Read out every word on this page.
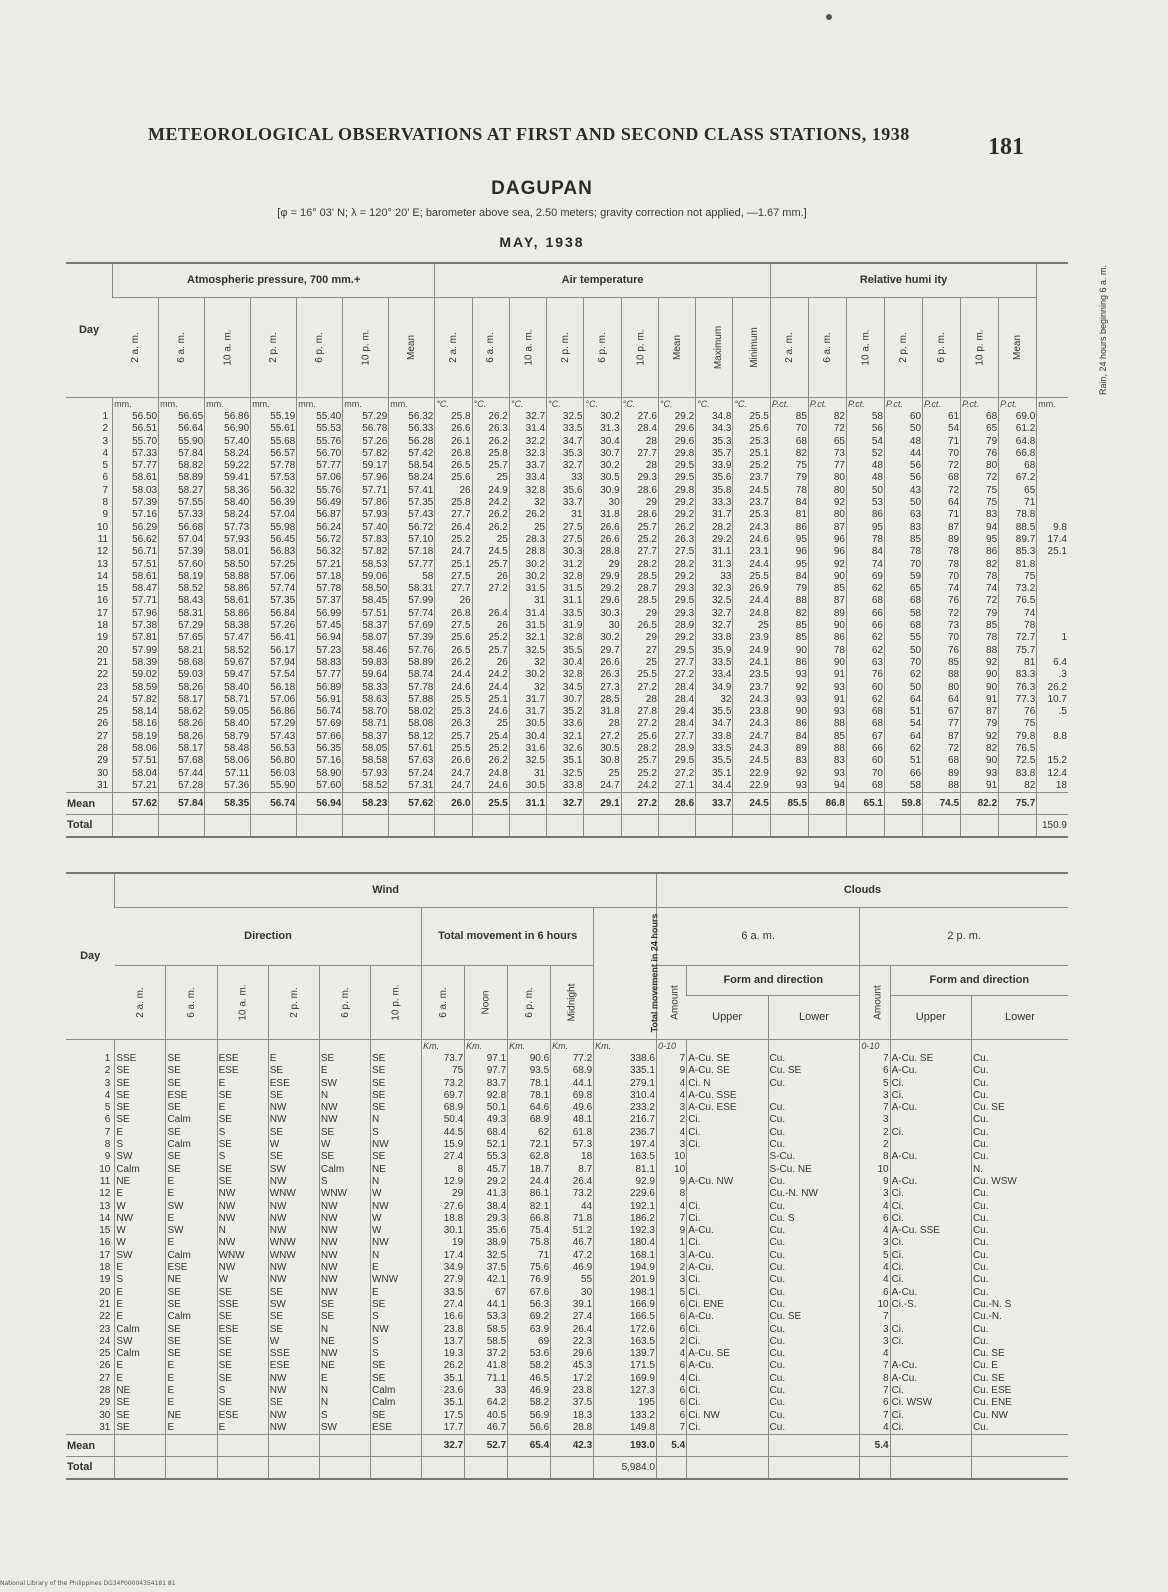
METEOROLOGICAL OBSERVATIONS AT FIRST AND SECOND CLASS STATIONS, 1938	181
DAGUPAN
[φ = 16° 03' N; λ = 120° 20' E; barometer above sea, 2.50 meters; gravity correction not applied, —1.67 mm.]
MAY, 1938
Day	Atmospheric pressure, 700 mm.+							Air temperature									Relative humi ity							Rain, 24 hours beginning 6 a. m.
	2 a. m.	6 a. m.	10 a. m.	2 p. m.	6 p. m.	10 p. m.	Mean	2 a. m.	6 a. m.	10 a. m.	2 p. m.	6 p. m.	10 p. m.	Mean	Maximum	Minimum	2 a. m.	6 a. m.	10 a. m.	2 p. m.	6 p. m.	10 p. m.	Mean	
	mm.	mm.	mm.	mm.	mm.	mm.	mm.	°C.	°C.	°C.	°C.	°C.	°C.	°C.	°C.	°C.	P.ct.	P.ct.	P.ct.	P.ct.	P.ct.	P.ct.	P.ct.	mm.
1	56.50	56.65	56.86	55.19	55.40	57.29	56.32	25.8	26.2	32.7	32.5	30.2	27.6	29.2	34.8	25.5	85	82	58	60	61	68	69.0	
2	56.51	56.64	56.90	55.61	55.53	56.78	56.33	26.6	26.3	31.4	33.5	31.3	28.4	29.6	34.3	25.6	70	72	56	50	54	65	61.2	
3	55.70	55.90	57.40	55.68	55.76	57.26	56.28	26.1	26.2	32.2	34.7	30.4	28	29.6	35.3	25.3	68	65	54	48	71	79	64.8	
4	57.33	57.84	58.24	56.57	56.70	57.82	57.42	26.8	25.8	32.3	35.3	30.7	27.7	29.8	35.7	25.1	82	73	52	44	70	76	66.8	
5	57.77	58.82	59.22	57.78	57.77	59.17	58.54	26.5	25.7	33.7	32.7	30.2	28	29.5	33.9	25.2	75	77	48	56	72	80	68	
6	58.61	58.89	59.41	57.53	57.06	57.96	58.24	25.6	25	33.4	33	30.5	29.3	29.5	35.6	23.7	79	80	48	56	68	72	67.2	
7	58.03	58.27	58.36	56.32	55.76	57.71	57.41	26	24.9	32.8	35.6	30.9	28.6	29.8	35.8	24.5	78	80	50	43	72	75	65	
8	57.39	57.55	58.40	56.39	56.49	57.86	57.35	25.8	24.2	32	33.7	30	29	29.2	33.3	23.7	84	92	53	50	64	75	71	
9	57.16	57.33	58.24	57.04	56.87	57.93	57.43	27.7	26.2	26.2	31	31.8	28.6	29.2	31.7	25.3	81	80	86	63	71	83	78.8	
10	56.29	56.68	57.73	55.98	56.24	57.40	56.72	26.4	26.2	25	27.5	26.6	25.7	26.2	28.2	24.3	86	87	95	83	87	94	88.5	9.8
11	56.62	57.04	57.93	56.45	56.72	57.83	57.10	25.2	25	28.3	27.5	26.6	25.2	26.3	29.2	24.6	95	96	78	85	89	95	89.7	17.4
12	56.71	57.39	58.01	56.83	56.32	57.82	57.18	24.7	24.5	28.8	30.3	28.8	27.7	27.5	31.1	23.1	96	96	84	78	78	86	85.3	25.1
13	57.51	57.60	58.50	57.25	57.21	58.53	57.77	25.1	25.7	30.2	31.2	29	28.2	28.2	31.3	24.4	95	92	74	70	78	82	81.8	
14	58.61	58.19	58.88	57.06	57.18	59.06	58	27.5	26	30.2	32.8	29.9	28.5	29.2	33	25.5	84	90	69	59	70	78	75	
15	58.47	58.52	58.86	57.74	57.78	58.50	58.31	27.7	27.2	31.5	31.5	29.2	28.7	29.3	32.3	26.9	79	85	62	65	74	74	73.2	
16	57.71	58.43	58.61	57.35	57.37	58.45	57.99	26		31	31.1	29.6	28.5	29.5	32.5	24.4	88	87	68	68	76	72	76.5	
17	57.96	58.31	58.86	56.84	56.99	57.51	57.74	26.8	26.4	31.4	33.5	30.3	29	29.3	32.7	24.8	82	89	66	58	72	79	74	
18	57.38	57.29	58.38	57.26	57.45	58.37	57.69	27.5	26	31.5	31.9	30	26.5	28.9	32.7	25	85	90	66	68	73	85	78	
19	57.81	57.65	57.47	56.41	56.94	58.07	57.39	25.6	25.2	32.1	32.8	30.2	29	29.2	33.8	23.9	85	86	62	55	70	78	72.7	1
20	57.99	58.21	58.52	56.17	57.23	58.46	57.76	26.5	25.7	32.5	35.5	29.7	27	29.5	35.9	24.9	90	78	62	50	76	88	75.7	
21	58.39	58.68	59.67	57.94	58.83	59.83	58.89	26.2	26	32	30.4	26.6	25	27.7	33.5	24.1	86	90	63	70	85	92	81	6.4
22	59.02	59.03	59.47	57.54	57.77	59.64	58.74	24.4	24.2	30.2	32.8	26.3	25.5	27.2	33.4	23.5	93	91	76	62	88	90	83.3	.3
23	58.59	58.26	58.40	56.18	56.89	58.33	57.78	24.6	24.4	32	34.5	27.3	27.2	28.4	34.9	23.7	92	93	60	50	80	90	76.3	26.2
24	57.82	58.17	58.71	57.06	56.91	58.63	57.88	25.5	25.1	31.7	30.7	28.5	28	28.4	32	24.3	93	91	62	64	64	91	77.3	10.7
25	58.14	58.62	59.05	56.86	56.74	58.70	58.02	25.3	24.6	31.7	35.2	31.8	27.8	29.4	35.5	23.8	90	93	68	51	67	87	76	.5
26	58.16	58.26	58.40	57.29	57.69	58.71	58.08	26.3	25	30.5	33.6	28	27.2	28.4	34.7	24.3	86	88	68	54	77	79	75	
27	58.19	58.26	58.79	57.43	57.66	58.37	58.12	25.7	25.4	30.4	32.1	27.2	25.6	27.7	33.8	24.7	84	85	67	64	87	92	79.8	8.8
28	58.06	58.17	58.48	56.53	56.35	58.05	57.61	25.5	25.2	31.6	32.6	30.5	28.2	28.9	33.5	24.3	89	88	66	62	72	82	76.5	
29	57.51	57.68	58.06	56.80	57.16	58.58	57.63	26.6	26.2	32.5	35.1	30.8	25.7	29.5	35.5	24.5	83	83	60	51	68	90	72.5	15.2
30	58.04	57.44	57.11	56.03	58.90	57.93	57.24	24.7	24.8	31	32.5	25	25.2	27.2	35.1	22.9	92	93	70	66	89	93	83.8	12.4
31	57.21	57.28	57.36	55.90	57.60	58.52	57.31	24.7	24.6	30.5	33.8	24.7	24.2	27.1	34.4	22.9	93	94	68	58	88	91	82	18
Mean	57.62	57.84	58.35	56.74	56.94	58.23	57.62	26.0	25.5	31.1	32.7	29.1	27.2	28.6	33.7	24.5	85.5	86.8	65.1	59.8	74.5	82.2	75.7	
Total																								150.9
Day	Wind											Clouds					
	Direction						Total movement in 6 hours				Total movement in 24 hours	6 a. m.			2 p. m.		
	2 a. m.	6 a. m.	10 a. m.	2 p. m.	6 p. m.	10 p. m.	6 a. m.	Noon	6 p. m.	Midnight		Amount	Form and direction		Amount	Form and direction	
													Upper	Lower		Upper	Lower
							Km.	Km.	Km.	Km.	Km.	0-10			0-10		
1	SSE	SE	ESE	E	SE	SE	73.7	97.1	90.6	77.2	338.6	7	A-Cu. SE	Cu.	7	A-Cu. SE	Cu.
2	SE	SE	ESE	SE	E	SE	75	97.7	93.5	68.9	335.1	9	A-Cu. SE	Cu. SE	6	A-Cu.	Cu.
3	SE	SE	E	ESE	SW	SE	73.2	83.7	78.1	44.1	279.1	4	Ci. N	Cu.	5	Ci.	Cu.
4	SE	ESE	SE	SE	N	SE	69.7	92.8	78.1	69.8	310.4	4	A-Cu. SSE		3	Ci.	Cu.
5	SE	SE	E	NW	NW	SE	68.9	50.1	64.6	49.6	233.2	3	A-Cu. ESE	Cu.	7	A-Cu.	Cu. SE
6	SE	Calm	SE	NW	NW	N	50.4	49.3	68.9	48.1	216.7	2	Ci.	Cu.	3		Cu.
7	E	SE	S	SE	SE	S	44.5	68.4	62	61.8	236.7	4	Ci.	Cu.	2	Ci.	Cu.
8	S	Calm	SE	W	W	NW	15.9	52.1	72.1	57.3	197.4	3	Ci.	Cu.	2		Cu.
9	SW	SE	S	SE	SE	SE	27.4	55.3	62.8	18	163.5	10		S-Cu.	8	A-Cu.	Cu.
10	Calm	SE	SE	SW	Calm	NE	8	45.7	18.7	8.7	81.1	10		S-Cu. NE	10		N.
11	NE	E	SE	NW	S	N	12.9	29.2	24.4	26.4	92.9	9	A-Cu. NW	Cu.	9	A-Cu.	Cu. WSW
12	E	E	NW	WNW	WNW	W	29	41.3	86.1	73.2	229.6	8		Cu.-N. NW	3	Ci.	Cu.
13	W	SW	NW	NW	NW	NW	27.6	38.4	82.1	44	192.1	4	Ci.	Cu.	4	Ci.	Cu.
14	NW	E	NW	NW	NW	W	18.8	29.3	66.8	71.8	186.2	7	Ci.	Cu. S	6	Ci.	Cu.
15	W	SW	N	NW	NW	W	30.1	35.6	75.4	51.2	192.3	9	A-Cu.	Cu.	4	A-Cu. SSE	Cu.
16	W	E	NW	WNW	NW	NW	19	38.9	75.8	46.7	180.4	1	Ci.	Cu.	3	Ci.	Cu.
17	SW	Calm	WNW	WNW	NW	N	17.4	32.5	71	47.2	168.1	3	A-Cu.	Cu.	5	Ci.	Cu.
18	E	ESE	NW	NW	NW	E	34.9	37.5	75.6	46.9	194.9	2	A-Cu.	Cu.	4	Ci.	Cu.
19	S	NE	W	NW	NW	WNW	27.9	42.1	76.9	55	201.9	3	Ci.	Cu.	4	Ci.	Cu.
20	E	SE	SE	SE	NW	E	33.5	67	67.6	30	198.1	5	Ci.	Cu.	6	A-Cu.	Cu.
21	E	SE	SSE	SW	SE	SE	27.4	44.1	56.3	39.1	166.9	6	Ci. ENE	Cu.	10	Ci.-S.	Cu.-N. S
22	E	Calm	SE	SE	SE	S	16.6	53.3	69.2	27.4	166.5	6	A-Cu.	Cu. SE	7		Cu.-N.
23	Calm	SE	ESE	SE	N	NW	23.8	58.5	63.9	26.4	172.6	6	Ci.	Cu.	3	Ci.	Cu.
24	SW	SE	SE	W	NE	S	13.7	58.5	69	22.3	163.5	2	Ci.	Cu.	3	Ci.	Cu.
25	Calm	SE	SE	SSE	NW	S	19.3	37.2	53.6	29.6	139.7	4	A-Cu. SE	Cu.	4		Cu. SE
26	E	E	SE	ESE	NE	SE	26.2	41.8	58.2	45.3	171.5	6	A-Cu.	Cu.	7	A-Cu.	Cu. E
27	E	E	SE	NW	E	SE	35.1	71.1	46.5	17.2	169.9	4	Ci.	Cu.	8	A-Cu.	Cu. SE
28	NE	E	S	NW	N	Calm	23.6	33	46.9	23.8	127.3	6	Ci.	Cu.	7	Ci.	Cu. ESE
29	SE	E	SE	SE	N	Calm	35.1	64.2	58.2	37.5	195	6	Ci.	Cu.	6	Ci. WSW	Cu. ENE
30	SE	NE	ESE	NW	S	SE	17.5	40.5	56.9	18.3	133.2	6	Ci. NW	Cu.	7	Ci.	Cu. NW
31	SE	E	E	NW	SW	ESE	17.7	46.7	56.6	28.8	149.8	7	Ci.	Cu.	4	Ci.	Cu.
Mean							32.7	52.7	65.4	42.3	193.0	5.4			5.4		
Total											5,984.0						
National Library of the Philippines DG34P00004354181 81
